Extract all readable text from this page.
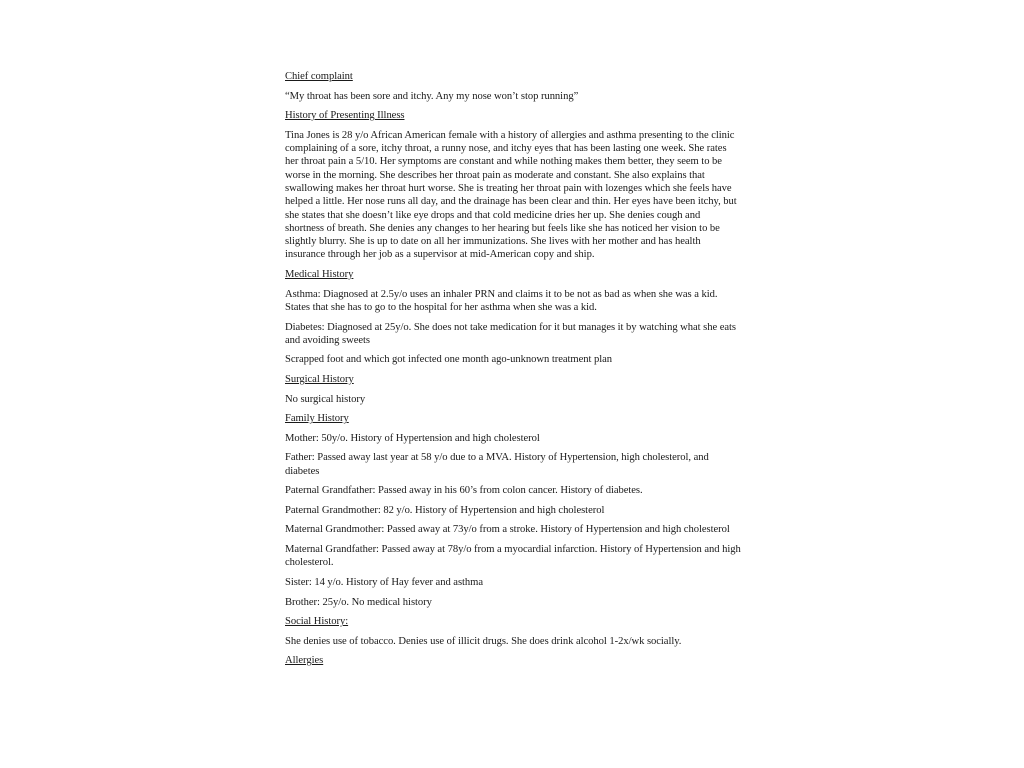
Chief complaint
“My throat has been sore and itchy. Any my nose won’t stop running”
History of Presenting Illness
Tina Jones is 28 y/o African American female with a history of allergies and asthma presenting to the clinic complaining of a sore, itchy throat, a runny nose, and itchy eyes that has been lasting one week. She rates her throat pain a 5/10. Her symptoms are constant and while nothing makes them better, they seem to be worse in the morning. She describes her throat pain as moderate and constant. She also explains that swallowing makes her throat hurt worse. She is treating her throat pain with lozenges which she feels have helped a little. Her nose runs all day, and the drainage has been clear and thin. Her eyes have been itchy, but she states that she doesn’t like eye drops and that cold medicine dries her up. She denies cough and shortness of breath. She denies any changes to her hearing but feels like she has noticed her vision to be slightly blurry. She is up to date on all her immunizations. She lives with her mother and has health insurance through her job as a supervisor at mid-American copy and ship.
Medical History
Asthma: Diagnosed at 2.5y/o uses an inhaler PRN and claims it to be not as bad as when she was a kid. States that she has to go to the hospital for her asthma when she was a kid.
Diabetes: Diagnosed at 25y/o. She does not take medication for it but manages it by watching what she eats and avoiding sweets
Scrapped foot and which got infected one month ago-unknown treatment plan
Surgical History
No surgical history
Family History
Mother: 50y/o. History of Hypertension and high cholesterol
Father: Passed away last year at 58 y/o due to a MVA. History of Hypertension, high cholesterol, and diabetes
Paternal Grandfather: Passed away in his 60’s from colon cancer. History of diabetes.
Paternal Grandmother: 82 y/o. History of Hypertension and high cholesterol
Maternal Grandmother: Passed away at 73y/o from a stroke. History of Hypertension and high cholesterol
Maternal Grandfather: Passed away at 78y/o from a myocardial infarction. History of Hypertension and high cholesterol.
Sister: 14 y/o. History of Hay fever and asthma
Brother: 25y/o. No medical history
Social History:
She denies use of tobacco. Denies use of illicit drugs. She does drink alcohol 1-2x/wk socially.
Allergies
